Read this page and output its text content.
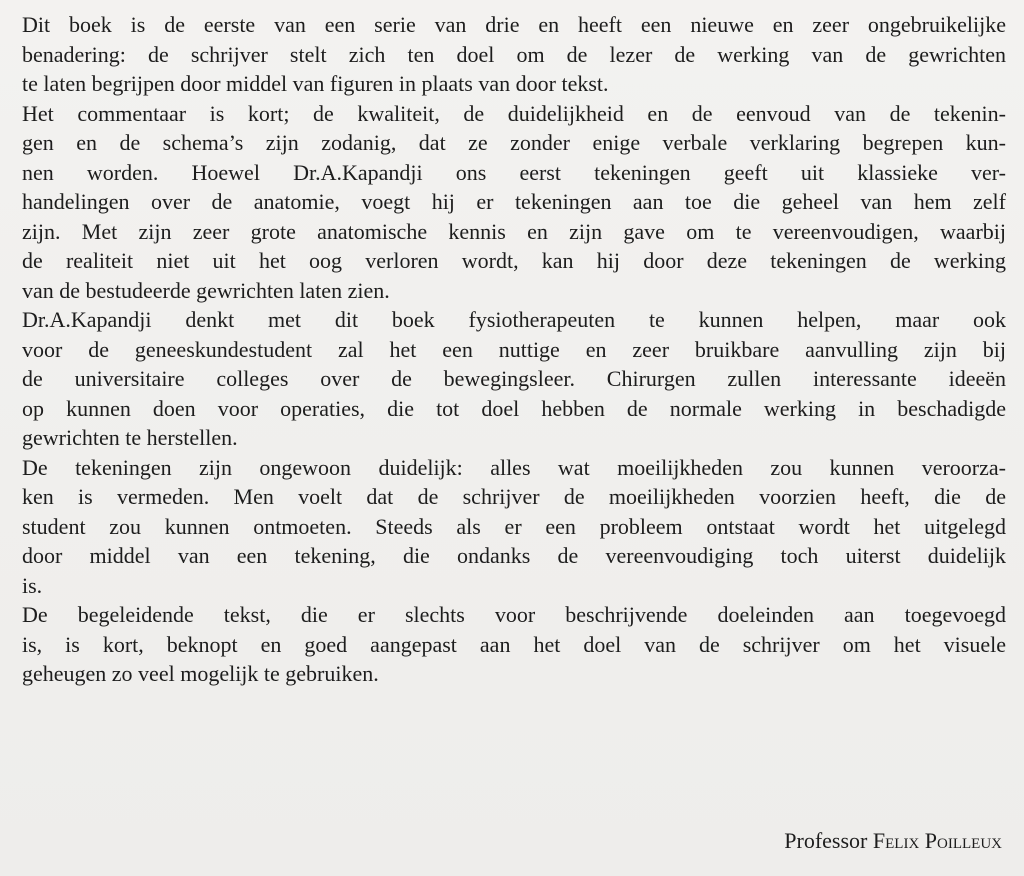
Dit boek is de eerste van een serie van drie en heeft een nieuwe en zeer ongebruikelijke
benadering: de schrijver stelt zich ten doel om de lezer de werking van de gewrichten
te laten begrijpen door middel van figuren in plaats van door tekst.
Het commentaar is kort; de kwaliteit, de duidelijkheid en de eenvoud van de tekenin-
gen en de schema’s zijn zodanig, dat ze zonder enige verbale verklaring begrepen kun-
nen worden. Hoewel Dr.A.Kapandji ons eerst tekeningen geeft uit klassieke ver-
handelingen over de anatomie, voegt hij er tekeningen aan toe die geheel van hem zelf
zijn. Met zijn zeer grote anatomische kennis en zijn gave om te vereenvoudigen, waarbij
de realiteit niet uit het oog verloren wordt, kan hij door deze tekeningen de werking
van de bestudeerde gewrichten laten zien.
Dr.A.Kapandji denkt met dit boek fysiotherapeuten te kunnen helpen, maar ook
voor de geneeskundestudent zal het een nuttige en zeer bruikbare aanvulling zijn bij
de universitaire colleges over de bewegingsleer. Chirurgen zullen interessante ideeën
op kunnen doen voor operaties, die tot doel hebben de normale werking in beschadigde
gewrichten te herstellen.
De tekeningen zijn ongewoon duidelijk: alles wat moeilijkheden zou kunnen veroorza-
ken is vermeden. Men voelt dat de schrijver de moeilijkheden voorzien heeft, die de
student zou kunnen ontmoeten. Steeds als er een probleem ontstaat wordt het uitgelegd
door middel van een tekening, die ondanks de vereenvoudiging toch uiterst duidelijk
is.
De begeleidende tekst, die er slechts voor beschrijvende doeleinden aan toegevoegd
is, is kort, beknopt en goed aangepast aan het doel van de schrijver om het visuele
geheugen zo veel mogelijk te gebruiken.
Professor Felix Poilleux
